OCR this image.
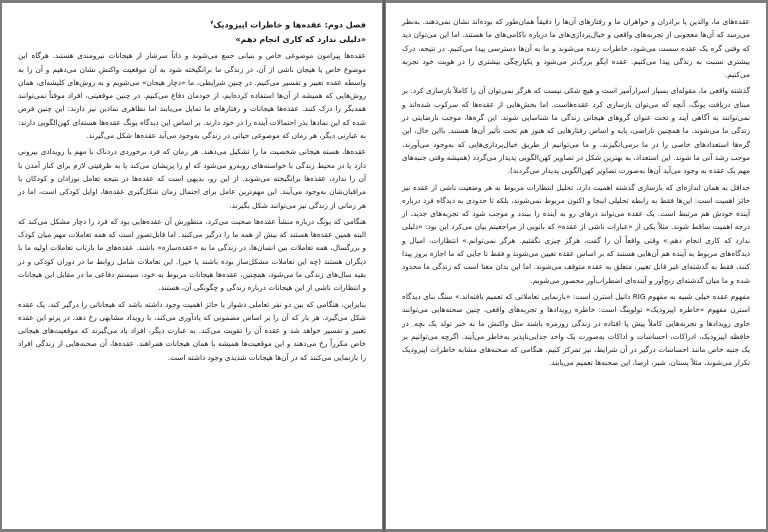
فصل دوم: عقده‌ها و خاطرات اپیزودیک$^۷$
«دلیلی ندارد که کاری انجام دهم»

عقده‌ها پیرامون موضوعی خاص و بنیانی جمع می‌شوند و ذاتاً سرشار از هیجانات نیرومندی هستند. هرگاه این موضوع خاص یا هیجان ناشی از آن، در زندگی ما برانگیخته شود به آن موقعیت واکنش نشان می‌دهیم و آن را به واسطه عقده تعبیر و تفسیر می‌کنیم. در چنین شرایطی، ما «دچار هیجان» می‌شویم و به روش‌های کلیشه‌ای، همان روش‌هایی که همیشه از آن‌ها استفاده کرده‌ایم، از خودمان دفاع می‌کنیم. در چنین موقعیتی، افراد موقتاً نمی‌توانند همدیگر را درک کنند. عقده‌ها هیجانات و رفتارهای ما تمایل می‌یابند اما نظاهری نمادین نیز دارند: این چنین فرض شده که این نمادها بذر احتمالات آینده را در خود دارند. بر اساس این دیدگاه یونگ عقده‌ها هسته‌ای کهن‌الگویی دارند: به عبارتی دیگر، هر زمان که موضوعی حیاتی در زندگی به‌وجود می‌آید عقده‌ها شکل می‌گیرند.

عقده‌ها، هسته هیجانی شخصیت ما را تشکیل می‌دهند. هر زمان که فرد برخوردی دردناک با مهم یا رویدادی بیرونی دارد یا در محیط زندگی با خواسته‌های روبه‌رو می‌شود که او را پریشان می‌کند یا به ظرفیتی لازم برای کنار آمدن با آن را ندارد، عقده‌ها برانگیخته می‌شوند. از این رو، بدیهی است که عقده‌ها در نتیجه تعامل نوزادان و کودکان با مراقبان‌شان به‌وجود می‌آیند. این مهم‌ترین عامل برای احتمال زمان شکل‌گیری عقده‌ها، اوایل کودکی است، اما در هر زمانی از زندگی نیز می‌توانند شکل بگیرند.

هنگامی که یونگ درباره منشأ عقده‌ها صحبت می‌کرد، منظورش آن عقده‌هایی بود که فرد را دچار مشکل می‌کند که البته همین عقده‌ها هستند که بیش از همه ما را درگیر می‌کنند. اما قابل‌تصور است که همه تعاملات مهم میان کودک و بزرگسال، همه تعاملات بین انسان‌ها، در زندگی ما به «عقده‌سازه» باشند. عقده‌های ما بازتاب تعاملات اولیه ما با دیگران هستند (چه این تعاملات مشکل‌ساز بوده باشند یا خیر). این تعاملات شامل روابط ما در دوران کودکی و در بقیه سال‌های زندگی ما می‌شود، همچنین، عقده‌ها هیجانات مربوط به خود، سیستم دفاعی ما در مقابل این هیجانات و انتظارات ناشی از این هیجانات درباره زندگی و چگونگی آن، هستند.

بنابراین، هنگامی که بین دو نفر تعاملی دشوار یا حائز اهمیت وجود داشته باشد که هیجاناتی را درگیر کند، یک عقده شکل می‌گیرد. هر بار که آن را بر اساس مضمونی که یادآوری می‌کند، با رویداد مشابهی رخ دهد، در پرتو این عقده تعبیر و تفسیر خواهد شد و عقده آن را تقویت می‌کند. به عبارت دیگر، افراد یاد می‌گیرند که موقعیت‌های هیجانی خاص مکرراً رخ می‌دهند و این موقعیت‌ها همیشه با همان هیجانات همراهند. عقده‌ها، آن صحنه‌هایی از زندگی افراد را بازنمایی می‌کنند که در آن‌ها هیجانات شدیدی وجود داشته است.

عقده‌های ما، والدین یا برادران و خواهران ما و رفتارهای آن‌ها را دقیقاً همان‌طور که بوده‌اند نشان نمی‌دهند. به‌نظر می‌رسد که آن‌ها معجونی از تجربه‌های واقعی و خیال‌پردازی‌های ما درباره ناکامی‌های ما هستند. اما این می‌توان دید که وقتی گره یک عقده سست می‌شود، خاطرات زنده می‌شوند و ما به آن‌ها دسترسی پیدا می‌کنیم. در نتیجه، درک بیشتری نسبت به زندگی پیدا می‌کنیم. عقده ایگو بزرگ‌تر می‌شود و یکپارچگی بیشتری را در هویت خود تجربه می‌کنیم.

گذشته واقعی ما، مقوله‌ای بسیار اسرارآمیز است و هیچ شکی نیست که هرگز نمی‌توان آن را کاملاً بازسازی کرد. بر مبنای دریافت یونگ، آنچه که می‌توان بازسازی کرد عقده‌هاست. اما بخش‌هایی از عقده‌ها که سرکوب شده‌اند و نمی‌توانند به آگاهی آیند و تحت عنوان گروهای هیجانی زندگی ما شناسایی شوند. این گره‌ها، موجب نارضایتی در زندگی ما می‌شوند. ما همچنین ناراضی، پایه و اساس رفتارهایی که هنوز هم تحت تأثیر آن‌ها هستند. بااین حال، این گره‌ها استعدادهای خاصی را در ما برمی‌انگیزند، و ما می‌توانیم از طریق خیال‌پردازی‌هایی که به‌وجود می‌آورند، موجب رشد آتی ما شوند. این استعداد، به بهترین شکل در تصاویر کهن‌الگویی پدیدار می‌گردد (همیشه وقتی جنبه‌های مهم یک عقده به وجود می‌آید آن‌ها به‌صورت تصاویر کهن‌الگویی پدیدار می‌گردند).

حداقل به همان اندازه‌ای که بازسازی گذشته اهمیت دارد، تحلیل انتظارات مربوط به هر وضعیت ناشی از عقده نیز حائز اهمیت است: این‌ها فقط به رابطه تحلیلی اینجا و اکنون مربوط نمی‌شوند، بلکه تا حدودی به دیدگاه فرد درباره آینده خودش هم مرتبط است. یک عقده می‌تواند درهای رو به آینده را ببندد و موجب شود که تجربه‌های جدید، از درجه اهمیت ساقط شوند. مثلاً یکی از «عبارات ناشی از عقده» که بانویی از مراجعینم بیان می‌کرد این بود: «دلیلی ندارد که کاری انجام دهم.» وقتی واقعاً آن را گفت، هرگز چیزی نگفتیم. هرگز نمی‌توانم.» انتظارات، امیال و دیدگاه‌های مربوط به آینده هم آن‌هایی هستند که بر اساس عقده تعیین می‌شوند و فقط تا جایی که ما اجازه بروز پیدا کنند، فقط به گذشته‌ای غیر قابل تغییر، متعلق به عقده متوقف می‌شوند. اما این بدان معنا است که زندگی ما محدود شده و ما میان گذشته‌ای رنج‌آور و آینده‌ای اضطراب‌آور محصور می‌شویم.

مفهوم عقده خیلی شبیه به مفهوم RIG دانیل استرن است: «بازنمایی تعاملاتی که تعمیم یافته‌اند.» سنگ بنای دیدگاه استرن مفهوم «خاطره اپیزودیک» تولوینگ است: خاطره رویدادها و تجربه‌های واقعی، چنین صحنه‌هایی می‌توانند حاوی رویدادها و تجربه‌هایی کاملاً پیش پا افتاده در زندگی روزمره باشند مثل واکنش ما به خبر تولد یک بچه. در حافظه اپیزودیک، ادراکات، احساسات و اداکات به‌صورت یک واحد جدایی‌ناپذیر به‌خاطر می‌آیند. اگرچه می‌توانیم بر یک جنبه خاص مانند احساسات درگیر در آن شرایط، نیز تمرکز کنیم. هنگامی که صحنه‌های مشابه خاطرات اپیزودیک تکرار می‌شوند، مثلاً پستان، شیر، ارضا، این صحنه‌ها تعمیم می‌یابند.
